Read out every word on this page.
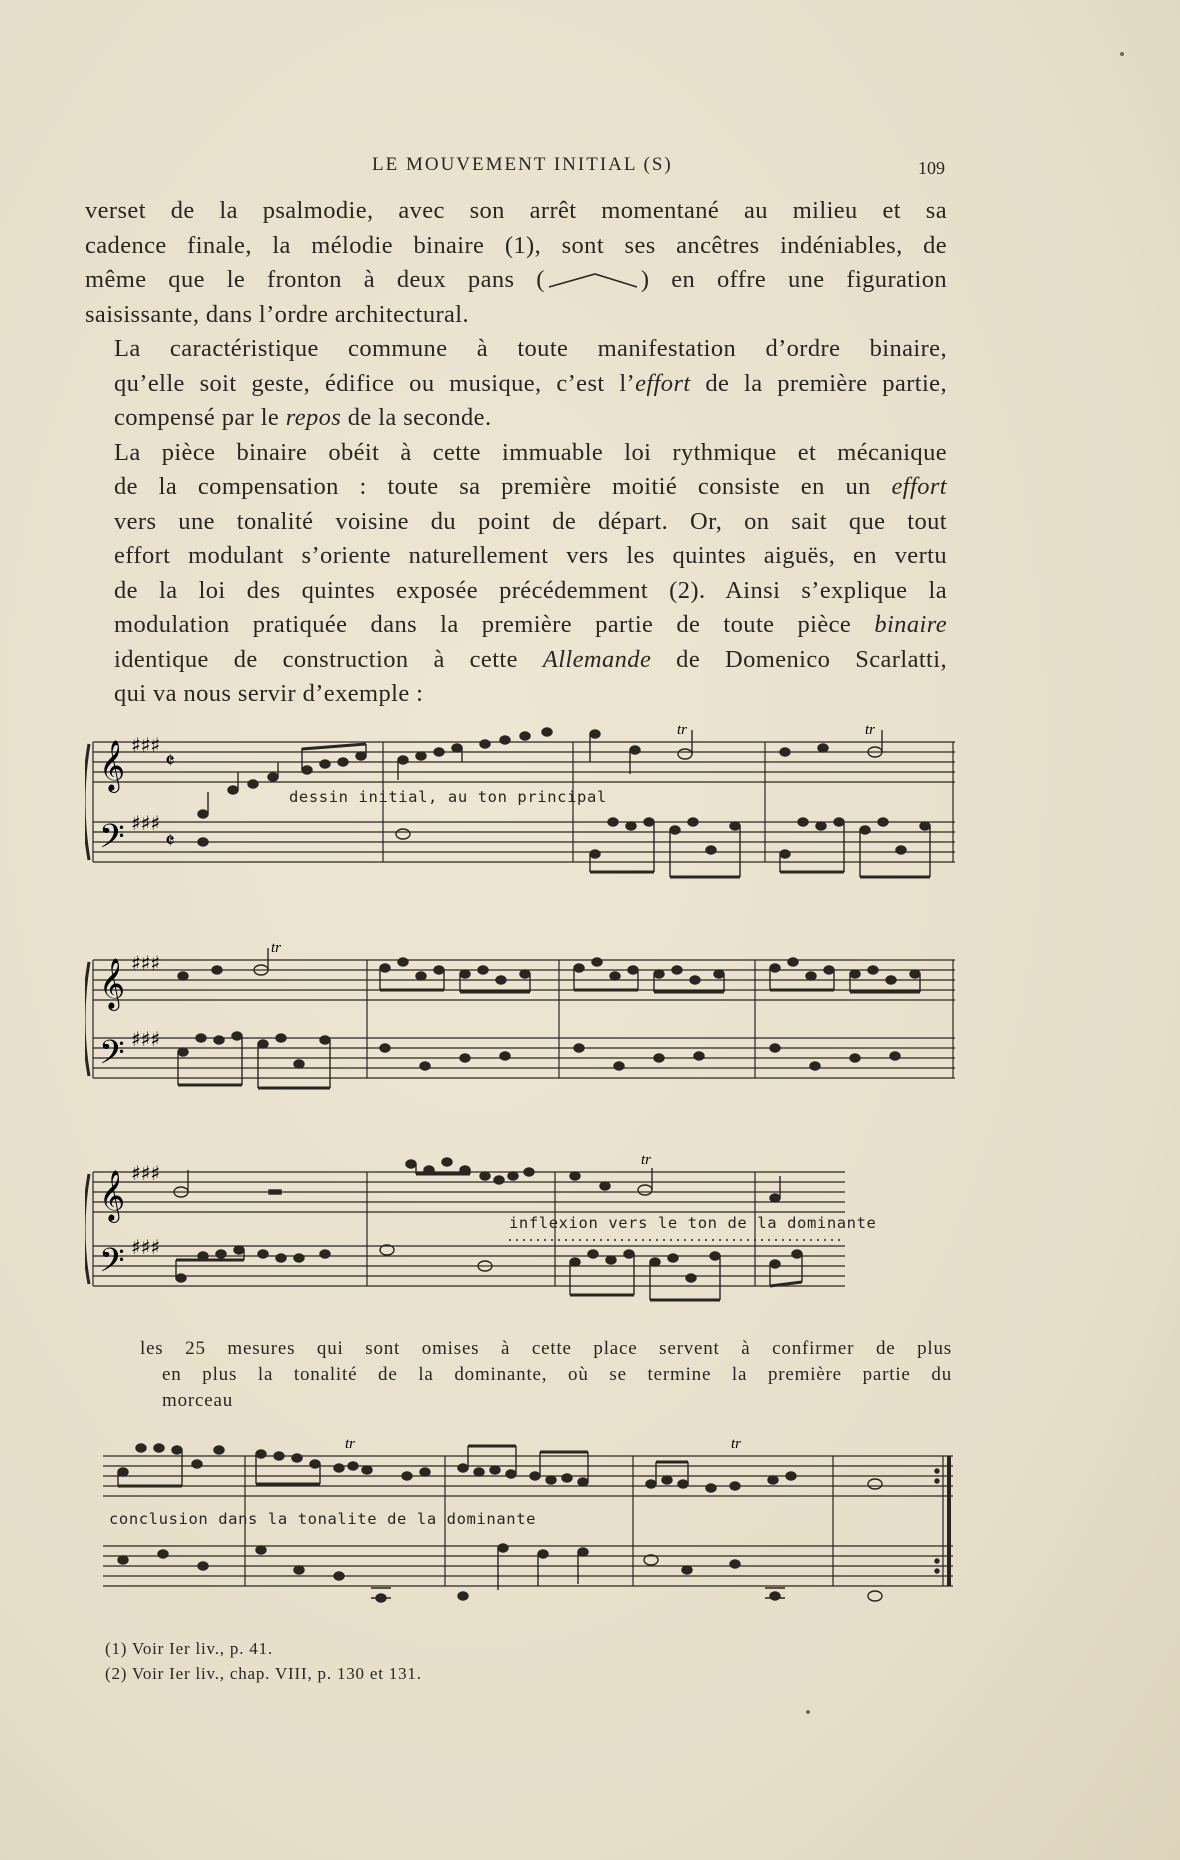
LE MOUVEMENT INITIAL (S)	109

verset de la psalmodie, avec son arrêt momentané au milieu et sa
cadence finale, la mélodie binaire (1), sont ses ancêtres indéniables, de
même que le fronton à deux pans (	) en offre une figuration
saisissante, dans l’ordre architectural.

La caractéristique commune à toute manifestation d’ordre binaire,
qu’elle soit geste, édifice ou musique, c’est l’effort de la première partie,
compensé par le repos de la seconde.

La pièce binaire obéit à cette immuable loi rythmique et mécanique
de la compensation : toute sa première moitié consiste en un effort
vers une tonalité voisine du point de départ. Or, on sait que tout
effort modulant s’oriente naturellement vers les quintes aiguës, en vertu
de la loi des quintes exposée précédemment (2). Ainsi s’explique la
modulation pratiquée dans la première partie de toute pièce binaire
identique de construction à cette Allemande de Domenico Scarlatti,
qui va nous servir d’exemple :

𝄞
𝄢
♯♯♯
♯♯♯
𝄵
𝄵
tr	tr
dessin initial, au ton principal
𝄞
𝄢
♯♯♯
♯♯♯
tr
𝄞
𝄢
♯♯♯
♯♯♯
tr
inflexion vers le ton de la dominante
les 25 mesures qui sont omises à cette place servent à confirmer de plus
en plus la tonalité de la dominante, où se termine la première partie du
morceau
tr	tr
conclusion dans la tonalite de la dominante
(1) Voir Ier liv., p. 41.
(2) Voir Ier liv., chap. VIII, p. 130 et 131.
